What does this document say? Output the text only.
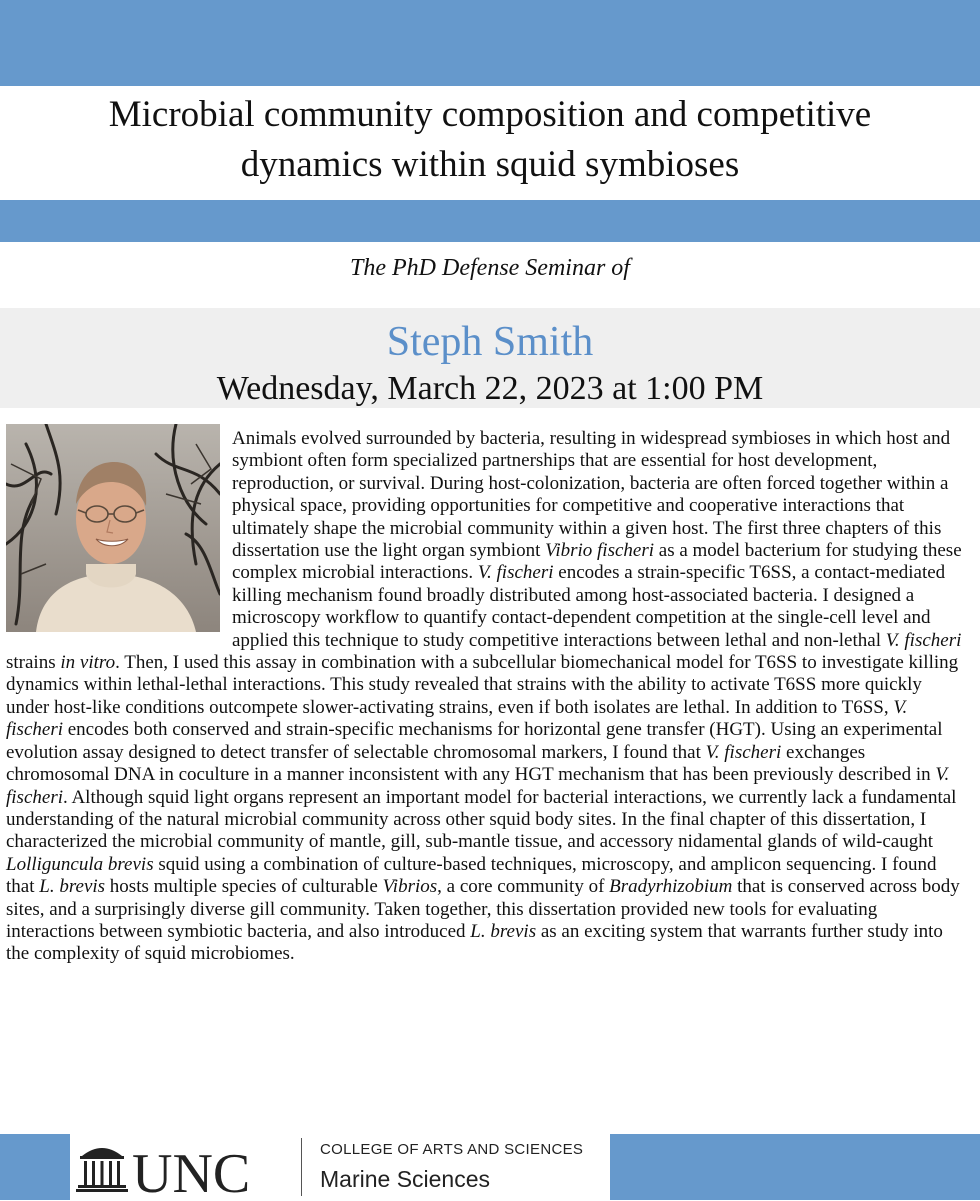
Microbial community composition and competitive
dynamics within squid symbioses
The PhD Defense Seminar of
Steph Smith
Wednesday, March 22, 2023 at 1:00 PM
Animals evolved surrounded by bacteria, resulting in widespread symbioses in which host and symbiont often form specialized partnerships that are essential for host development, reproduction, or survival. During host-colonization, bacteria are often forced together within a physical space, providing opportunities for competitive and cooperative interactions that ultimately shape the microbial community within a given host. The first three chapters of this dissertation use the light organ symbiont Vibrio fischeri as a model bacterium for studying these complex microbial interactions. V. fischeri encodes a strain-specific T6SS, a contact-mediated killing mechanism found broadly distributed among host-associated bacteria. I designed a microscopy workflow to quantify contact-dependent competition at the single-cell level and applied this technique to study competitive interactions between lethal and non-lethal V. fischeri strains in vitro. Then, I used this assay in combination with a subcellular biomechanical model for T6SS to investigate killing dynamics within lethal-lethal interactions. This study revealed that strains with the ability to activate T6SS more quickly under host-like conditions outcompete slower-activating strains, even if both isolates are lethal. In addition to T6SS, V. fischeri encodes both conserved and strain-specific mechanisms for horizontal gene transfer (HGT). Using an experimental evolution assay designed to detect transfer of selectable chromosomal markers, I found that V. fischeri exchanges chromosomal DNA in coculture in a manner inconsistent with any HGT mechanism that has been previously described in V. fischeri. Although squid light organs represent an important model for bacterial interactions, we currently lack a fundamental understanding of the natural microbial community across other squid body sites. In the final chapter of this dissertation, I characterized the microbial community of mantle, gill, sub-mantle tissue, and accessory nidamental glands of wild-caught Lolliguncula brevis squid using a combination of culture-based techniques, microscopy, and amplicon sequencing. I found that L. brevis hosts multiple species of culturable Vibrios, a core community of Bradyrhizobium that is conserved across body sites, and a surprisingly diverse gill community. Taken together, this dissertation provided new tools for evaluating interactions between symbiotic bacteria, and also introduced L. brevis as an exciting system that warrants further study into the complexity of squid microbiomes.
UNC	COLLEGE OF ARTS AND SCIENCES
Marine Sciences
